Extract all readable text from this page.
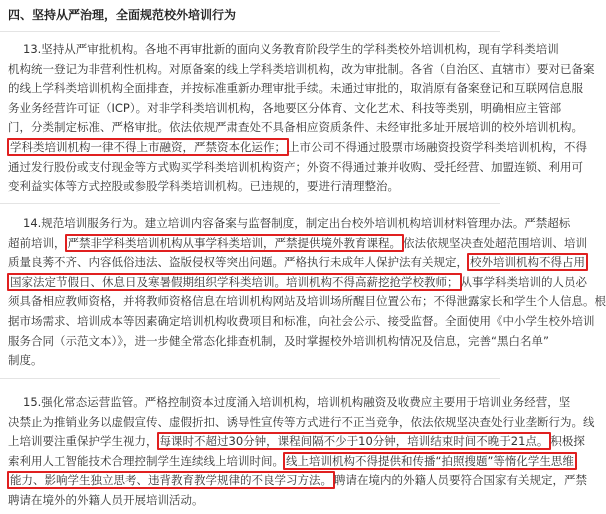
四、坚持从严治理，全面规范校外培训行为
13.坚持从严审批机构。各地不再审批新的面向义务教育阶段学生的学科类校外培训机构，现有学科类培训
机构统一登记为非营利性机构。对原备案的线上学科类培训机构，改为审批制。各省（自治区、直辖市）要对已备案
的线上学科类培训机构全面排查，并按标准重新办理审批手续。未通过审批的，取消原有备案登记和互联网信息服
务业务经营许可证（ICP）。对非学科类培训机构，各地要区分体育、文化艺术、科技等类别，明确相应主管部
门，分类制定标准、严格审批。依法依规严肃查处不具备相应资质条件、未经审批多址开展培训的校外培训机构。
学科类培训机构一律不得上市融资，严禁资本化运作； 上市公司不得通过股票市场融资投资学科类培训机构，不得
通过发行股份或支付现金等方式购买学科类培训机构资产；外资不得通过兼并收购、受托经营、加盟连锁、利用可
变利益实体等方式控股或参股学科类培训机构。已违规的，要进行清理整治。
14.规范培训服务行为。建立培训内容备案与监督制度，制定出台校外培训机构培训材料管理办法。严禁超标
超前培训， 严禁非学科类培训机构从事学科类培训，严禁提供境外教育课程。 依法依规坚决查处超范围培训、培训
质量良莠不齐、内容低俗违法、盗版侵权等突出问题。严格执行未成年人保护法有关规定， 校外培训机构不得占用
国家法定节假日、休息日及寒暑假期组织学科类培训。培训机构不得高薪挖抢学校教师； 从事学科类培训的人员必
须具备相应教师资格，并将教师资格信息在培训机构网站及培训场所醒目位置公布；不得泄露家长和学生个人信息。根
据市场需求、培训成本等因素确定培训机构收费项目和标准，向社会公示、接受监督。全面使用《中小学生校外培训
服务合同（示范文本）》，进一步健全常态化排查机制，及时掌握校外培训机构情况及信息，完善“黑白名单”
制度。
15.强化常态运营监管。严格控制资本过度涌入培训机构，培训机构融资及收费应主要用于培训业务经营，坚
决禁止为推销业务以虚假宣传、虚假折扣、诱导性宣传等方式进行不正当竞争，依法依规坚决查处行业垄断行为。线
上培训要注重保护学生视力， 每课时不超过30分钟，课程间隔不少于10分钟，培训结束时间不晚于21点。 积极探
索利用人工智能技术合理控制学生连续线上培训时间。 线上培训机构不得提供和传播“拍照搜题”等惰化学生思维
能力、影响学生独立思考、违背教育教学规律的不良学习方法。 聘请在境内的外籍人员要符合国家有关规定，严禁
聘请在境外的外籍人员开展培训活动。
